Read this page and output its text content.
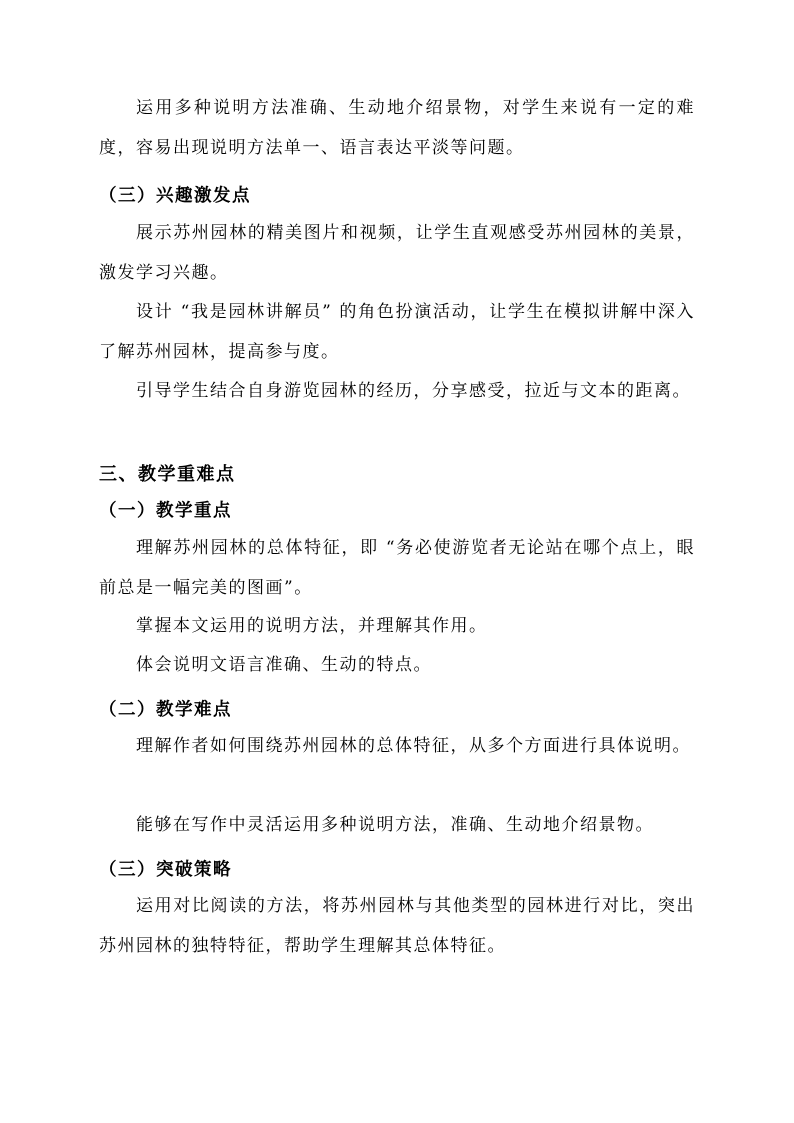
运用多种说明方法准确、生动地介绍景物，对学生来说有一定的难度，容易出现说明方法单一、语言表达平淡等问题。

（三）兴趣激发点

展示苏州园林的精美图片和视频，让学生直观感受苏州园林的美景，激发学习兴趣。

设计 “我是园林讲解员” 的角色扮演活动，让学生在模拟讲解中深入了解苏州园林，提高参与度。

引导学生结合自身游览园林的经历，分享感受，拉近与文本的距离。

三、教学重难点
（一）教学重点

理解苏州园林的总体特征，即 “务必使游览者无论站在哪个点上，眼前总是一幅完美的图画”。

掌握本文运用的说明方法，并理解其作用。

体会说明文语言准确、生动的特点。

（二）教学难点

理解作者如何围绕苏州园林的总体特征，从多个方面进行具体说明。

能够在写作中灵活运用多种说明方法，准确、生动地介绍景物。

（三）突破策略

运用对比阅读的方法，将苏州园林与其他类型的园林进行对比，突出苏州园林的独特特征，帮助学生理解其总体特征。
